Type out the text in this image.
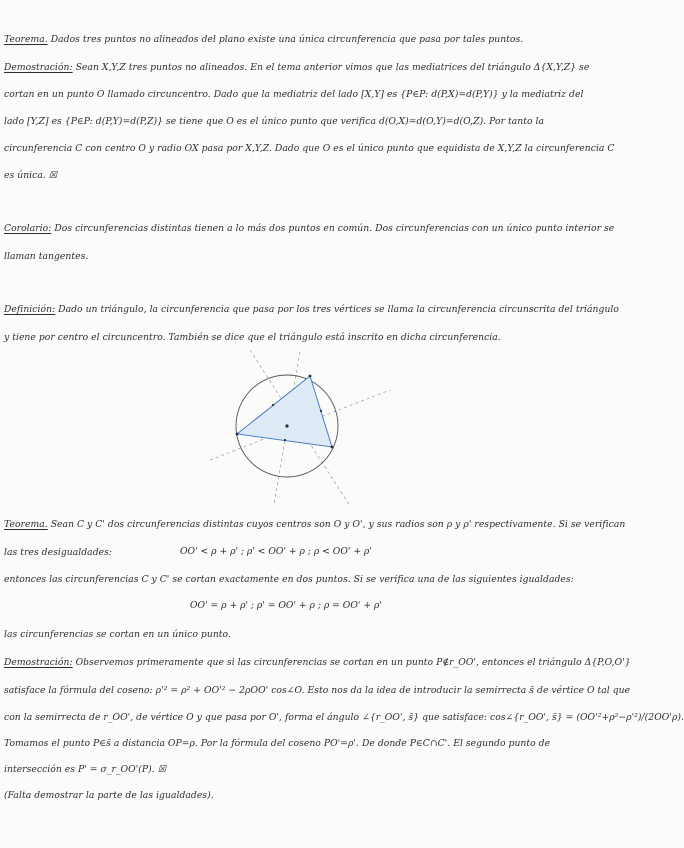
Teorema. Dados tres puntos no alineados del plano existe una única circunferencia que pasa por tales puntos.
Demostración: Sean X,Y,Z tres puntos no alineados. En el tema anterior vimos que las mediatrices del triángulo Δ{X,Y,Z} se
cortan en un punto O llamado circuncentro. Dado que la mediatriz del lado [X,Y] es {P∈P: d(P,X)=d(P,Y)} y la mediatriz del
lado [Y,Z] es {P∈P: d(P,Y)=d(P,Z)} se tiene que O es el único punto que verifica d(O,X)=d(O,Y)=d(O,Z). Por tanto la
circunferencia C con centro O y radio OX pasa por X,Y,Z. Dado que O es el único punto que equidista de X,Y,Z la circunferencia C
es única. ☒
Corolario: Dos circunferencias distintas tienen a lo más dos puntos en común. Dos circunferencias con un único punto interior se
llaman tangentes.
Definición: Dado un triángulo, la circunferencia que pasa por los tres vértices se llama la circunferencia circunscrita del triángulo
y tiene por centro el circuncentro. También se dice que el triángulo está inscrito en dicha circunferencia.
Teorema. Sean C y C' dos circunferencias distintas cuyos centros son O y O', y sus radios son ρ y ρ' respectivamente. Si se verifican
las tres desigualdades:	OO' < ρ + ρ' ; ρ' < OO' + ρ ; ρ < OO' + ρ'
entonces las circunferencias C y C' se cortan exactamente en dos puntos. Si se verifica una de las siguientes igualdades:
OO' = ρ + ρ' ; ρ' = OO' + ρ ; ρ = OO' + ρ'
las circunferencias se cortan en un único punto.
Demostración: Observemos primeramente que si las circunferencias se cortan en un punto P∉r_OO', entonces el triángulo Δ{P,O,O'}
satisface la fórmula del coseno: ρ'² = ρ² + OO'² − 2ρOO' cos∠O. Esto nos da la idea de introducir la semirrecta s̄ de vértice O tal que
con la semirrecta de r_OO', de vértice O y que pasa por O', forma el ángulo ∠{r_OO', s̄} que satisface: cos∠{r_OO', s̄} = (OO'²+ρ²−ρ'²)/(2OO'ρ).
Tomamos el punto P∈s̄ a distancia OP=ρ. Por la fórmula del coseno PO'=ρ'. De donde P∈C∩C'. El segundo punto de
intersección es P' = σ_r_OO'(P). ☒
(Falta demostrar la parte de las igualdades).
